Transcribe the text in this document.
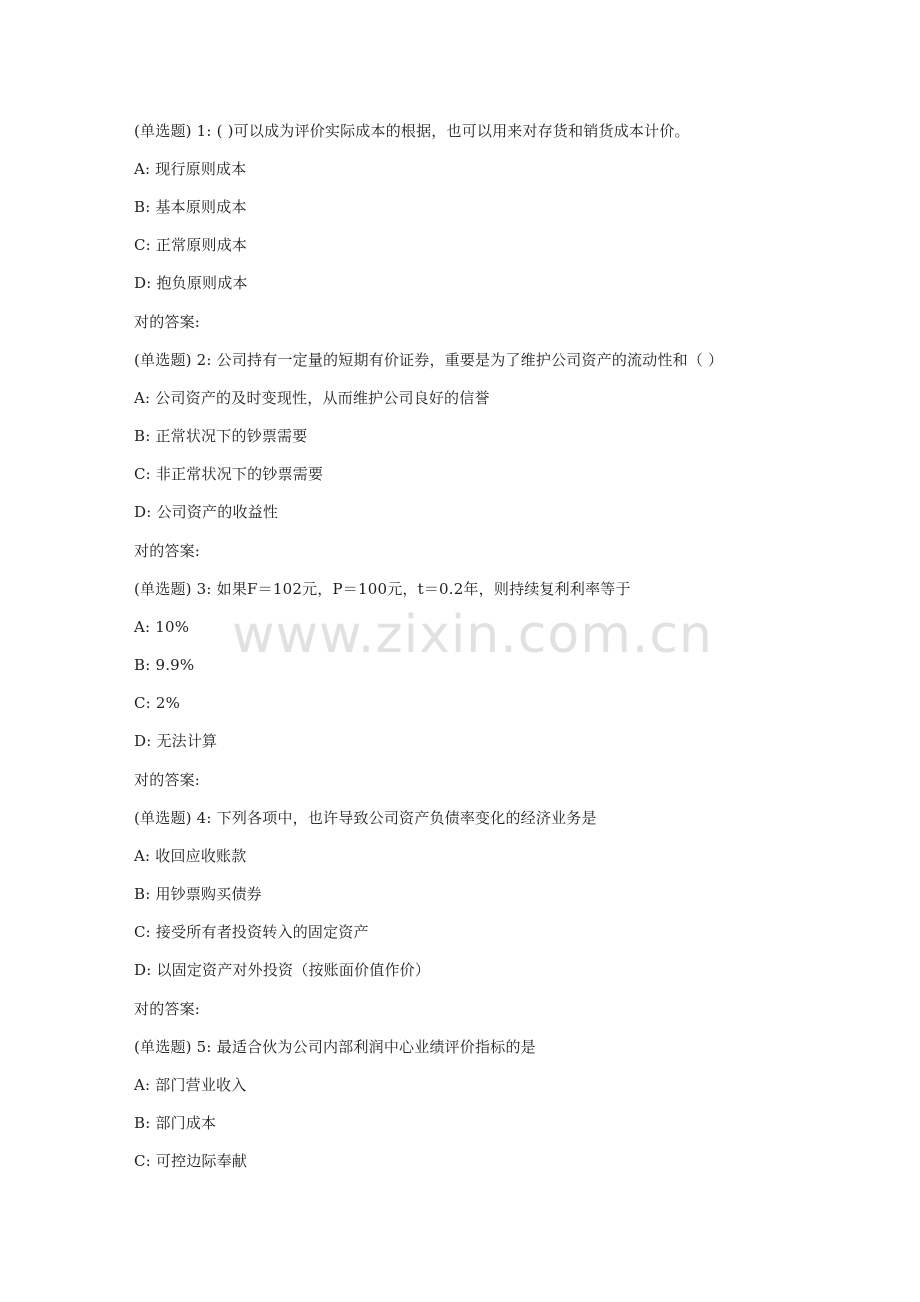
www.zixin.com.cn
(单选题) 1: ( )可以成为评价实际成本的根据，也可以用来对存货和销货成本计价。
A: 现行原则成本
B: 基本原则成本
C: 正常原则成本
D: 抱负原则成本
对的答案:
(单选题) 2: 公司持有一定量的短期有价证券，重要是为了维护公司资产的流动性和（ ）
A: 公司资产的及时变现性，从而维护公司良好的信誉
B: 正常状况下的钞票需要
C: 非正常状况下的钞票需要
D: 公司资产的收益性
对的答案:
(单选题) 3: 如果F＝102元，P＝100元，t＝0.2年，则持续复利利率等于
A: 10%
B: 9.9%
C: 2%
D: 无法计算
对的答案:
(单选题) 4: 下列各项中，也许导致公司资产负债率变化的经济业务是
A: 收回应收账款
B: 用钞票购买债券
C: 接受所有者投资转入的固定资产
D: 以固定资产对外投资（按账面价值作价）
对的答案:
(单选题) 5: 最适合伙为公司内部利润中心业绩评价指标的是
A: 部门营业收入
B: 部门成本
C: 可控边际奉献
